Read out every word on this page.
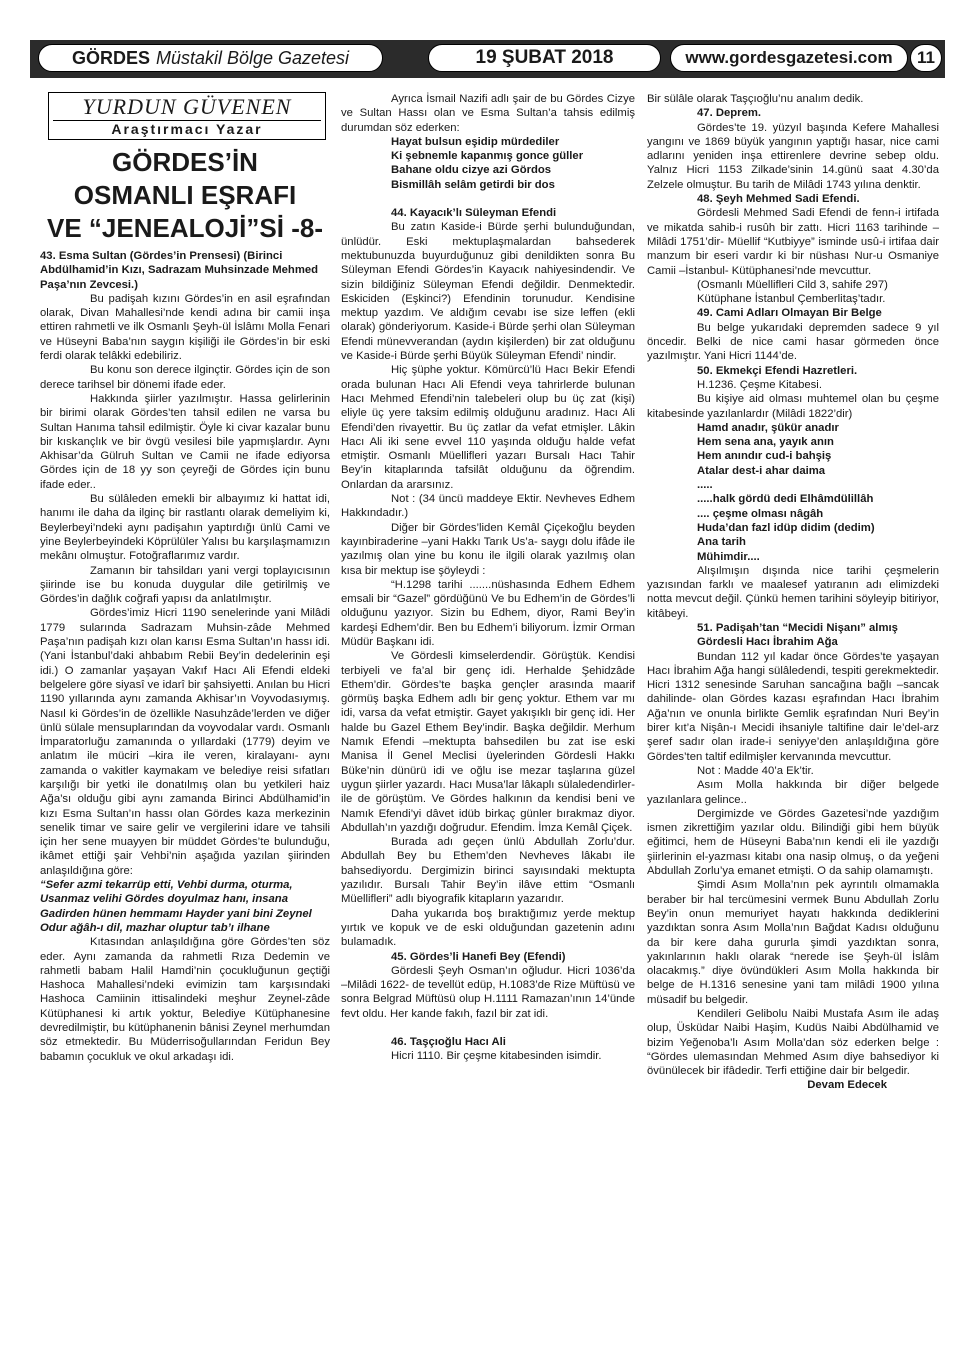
GÖRDES Müstakil Bölge Gazetesi	19 ŞUBAT 2018	www.gordesgazetesi.com	11
YURDUN GÜVENEN
Araştırmacı Yazar
GÖRDES’İN
OSMANLI EŞRAFI
VE “JENEALOJİ”Sİ -8-

43. Esma Sultan (Gördes’in Prensesi) (Birinci Abdülhamid’in Kızı, Sadrazam Muhsinzade Mehmed Paşa’nın Zevcesi.)

Bu padişah kızını Gördes’in en asil eşrafından olarak, Divan Mahallesi’nde kendi adına bir camii inşa ettiren rahmetli ve ilk Osmanlı Şeyh-ül İslâmı Molla Fenari ve Hüseyni Baba’nın saygın kişiliği ile Gördes’in bir eski ferdi olarak telâkki edebiliriz.

Bu konu son derece ilginçtir. Gördes için de son derece tarihsel bir dönemi ifade eder.

Hakkında şiirler yazılmıştır. Hassa gelirlerinin bir birimi olarak Gördes’ten tahsil edilen ne varsa bu Sultan Hanıma tahsil edilmiştir. Öyle ki civar kazalar bunu bir kıskançlık ve bir övgü vesilesi bile yapmışlardır. Aynı Akhisar’da Gülruh Sultan ve Camii ne ifade ediyorsa Gördes için de 18 yy son çeyreği de Gördes için bunu ifade eder..

Bu sülâleden emekli bir albayımız ki hattat idi, hanımı ile daha da ilginç bir rastlantı olarak demeliyim ki, Beylerbeyi’ndeki aynı padişahın yaptırdığı ünlü Cami ve yine Beylerbeyindeki Köprülüler Yalısı bu karşılaşmamızın mekânı olmuştur. Fotoğraflarımız vardır.

Zamanın bir tahsildarı yani vergi toplayıcısının şiirinde ise bu konuda duygular dile getirilmiş ve Gördes’in dağlık coğrafi yapısı da anlatılmıştır.

Gördes’imiz Hicri 1190 senelerinde yani Milâdi 1779 sularında Sadrazam Muhsin-zâde Mehmed Paşa’nın padişah kızı olan karısı Esma Sultan’ın hassı idi. (Yani İstanbul’daki ahbabım Rebii Bey’in dedelerinin eşi idi.) O zamanlar yaşayan Vakıf Hacı Ali Efendi eldeki belgelere göre siyasî ve idarî bir şahsiyetti. Anılan bu Hicri 1190 yıllarında aynı zamanda Akhisar’ın Voyvodasıymış. Nasıl ki Gördes’in de özellikle Nasuhzâde’lerden ve diğer ünlü sülale mensuplarından da voyvodalar vardı. Osmanlı İmparatorluğu zamanında o yıllardaki (1779) deyim ve anlatım ile müciri –kira ile veren, kiralayanı- aynı zamanda o vakitler kaymakam ve belediye reisi sıfatları karşılığı bir yetki ile donatılmış olan bu yetkileri haiz Ağa’sı olduğu gibi aynı zamanda Birinci Abdülhamid’in kızı Esma Sultan’ın hassı olan Gördes kaza merkezinin senelik timar ve saire gelir ve vergilerini idare ve tahsili için her sene muayyen bir müddet Gördes’te bulunduğu, ikâmet ettiği şair Vehbi’nin aşağıda yazılan şiirinden anlaşıldığına göre:

“Sefer azmi tekarrüp etti, Vehbi durma, oturma,

Usanmaz velihi Gördes doyulmaz hanı, insana Gadirden hünen hemmamı Hayder yani bini Zeynel

Odur ağâh-ı dil, mazhar oluptur tab’ı ilhane

Kıtasından anlaşıldığına göre Gördes’ten söz eder. Aynı zamanda da rahmetli Rıza Dedemin ve rahmetli babam Halil Hamdi’nin çocukluğunun geçtiği Hashoca Mahallesi’ndeki evimizin tam karşısındaki Hashoca Camiinin ittisalindeki meşhur Zeynel-zâde Kütüphanesi ki artık yoktur, Belediye Kütüphanesine devredilmiştir, bu kütüphanenin bânisi Zeynel merhumdan söz etmektedir. Bu Müderrisoğullarından Feridun Bey babamın çocukluk ve okul arkadaşı idi.

Ayrıca İsmail Nazifi adlı şair de bu Gördes Cizye ve Sultan Hassı olan ve Esma Sultan’a tahsis edilmiş durumdan söz ederken:

Hayat bulsun eşidip mürdediler

Ki şebnemle kapanmış gonce güller

Bahane oldu cizye azi Gördos

Bismillâh selâm getirdi bir dos

44. Kayacık’lı Süleyman Efendi

Bu zatın Kaside-i Bürde şerhi bulunduğundan, ünlüdür. Eski mektuplaşmalardan bahsederek mektubunuzda buyurduğunuz gibi denildikten sonra Bu Süleyman Efendi Gördes’in Kayacık nahiyesindendir. Ve sizin bildiğiniz Süleyman Efendi değildir. Denmektedir. Eskiciden (Eşkinci?) Efendinin torunudur. Kendisine mektup yazdım. Ve aldığım cevabı ise size leffen (ekli olarak) gönderiyorum. Kaside-i Bürde şerhi olan Süleyman Efendi münevverandan (aydın kişilerden) bir zat olduğunu ve Kaside-i Bürde şerhi Büyük Süleyman Efendi’ nindir.

Hiç şüphe yoktur. Kömürcü’lü Hacı Bekir Efendi orada bulunan Hacı Ali Efendi veya tahrirlerde bulunan Hacı Mehmed Efendi’nin talebeleri olup bu üç zat (kişi) eliyle üç yere taksim edilmiş olduğunu aradınız. Hacı Ali Efendi’den rivayettir. Bu üç zatlar da vefat etmişler. Lâkin Hacı Ali iki sene evvel 110 yaşında olduğu halde vefat etmiştir. Osmanlı Müellifleri yazarı Bursalı Hacı Tahir Bey’in kitaplarında tafsilât olduğunu da öğrendim. Onlardan da ararsınız.

Not : (34 üncü maddeye Ektir. Nevheves Edhem Hakkındadır.)

Diğer bir Gördes’liden Kemâl Çiçekoğlu beyden kayınbiraderine –yani Hakkı Tarık Us’a- saygı dolu ifâde ile yazılmış olan yine bu konu ile ilgili olarak yazılmış olan kısa bir mektup ise şöyleydi :

“H.1298 tarihi .......nüshasında Edhem Edhem emsali bir “Gazel” gördüğünü Ve bu Edhem’in de Gördes’li olduğunu yazıyor. Sizin bu Edhem, diyor, Rami Bey’in kardeşi Edhem’dir. Ben bu Edhem’i biliyorum. İzmir Orman Müdür Başkanı idi.

Ve Gördesli kimselerdendir. Görüştük. Kendisi terbiyeli ve fa’al bir genç idi. Herhalde Şehidzâde Ethem’dir. Gördes’te başka gençler arasında maarif görmüş başka Edhem adlı bir genç yoktur. Ethem var mı idi, varsa da vefat etmiştir. Gayet yakışıklı bir genç idi. Her halde bu Gazel Ethem Bey’indir. Başka değildir. Merhum Namık Efendi –mektupta bahsedilen bu zat ise eski Manisa İl Genel Meclisi üyelerinden Gördesli Hakkı Büke’nin dünürü idi ve oğlu ise mezar taşlarına güzel uygun şiirler yazardı. Hacı Musa’lar lâkaplı sülaledendirler- ile de görüştüm. Ve Gördes halkının da kendisi beni ve Namık Efendi’yi dâvet idüb birkaç günler bırakmaz diyor. Abdullah’ın yazdığı doğrudur. Efendim. İmza Kemâl Çiçek.

Burada adı geçen ünlü Abdullah Zorlu’dur. Abdullah Bey bu Ethem’den Nevheves lâkabı ile bahsediyordu. Dergimizin birinci sayısındaki mektupta yazılıdır. Bursalı Tahir Bey’in ilâve ettim “Osmanlı Müellifleri” adlı biyografik kitapların yazarıdır.

Daha yukarıda boş bıraktığımız yerde mektup yırtık ve kopuk ve de eski olduğundan gazetenin adını bulamadık.

45. Gördes’li Hanefi Bey (Efendi)

Gördesli Şeyh Osman’ın oğludur. Hicri 1036’da –Milâdi 1622- de tevellüt edüp, H.1083’de Rize Müftüsü ve sonra Belgrad Müftüsü olup H.1111 Ramazan’ının 14’ünde fevt oldu. Her kande fakıh, fazıl bir zat idi.

46. Taşçıoğlu Hacı Ali

Hicri 1110. Bir çeşme kitabesinden isimdir.

Bir sülâle olarak Taşçıoğlu’nu analım dedik.

47. Deprem.

Gördes’te 19. yüzyıl başında Kefere Mahallesi yangını ve 1869 büyük yangının yaptığı hasar, nice cami adlarını yeniden inşa ettirenlere devrine sebep oldu. Yalnız Hicri 1153 Zilkade’sinin 14.günü saat 4.30’da Zelzele olmuştur. Bu tarih de Milâdi 1743 yılına denktir.

48. Şeyh Mehmed Sadi Efendi.

Gördesli Mehmed Sadi Efendi de fenn-i irtifada ve mikatda sahib-i rusûh bir zattı. Hicri 1163 tarihinde –Milâdi 1751’dir- Müellif “Kutbiyye” isminde usû-i irtifaa dair manzum bir eseri vardır ki bir nüshası Nur-u Osmaniye Camii –İstanbul- Kütüphanesi’nde mevcuttur.

(Osmanlı Müellifleri Cild 3, sahife 297)

Kütüphane İstanbul Çemberlitaş’tadır.

49. Cami Adları Olmayan Bir Belge

Bu belge yukarıdaki depremden sadece 9 yıl öncedir. Belki de nice cami hasar görmeden önce yazılmıştır. Yani Hicri 1144’de.

50. Ekmekçi Efendi Hazretleri.

H.1236. Çeşme Kitabesi.

Bu kişiye aid olması muhtemel olan bu çeşme kitabesinde yazılanlardır (Milâdi 1822’dir)

Hamd anadır, şükür anadır

Hem sena ana, yayık anın

Hem anındır cud-i bahşiş

Atalar dest-i ahar daima

.....

.....halk gördü dedi Elhâmdülillâh

.... çeşme olması nâgâh

Huda’dan fazl idüp didim (dedim)

Ana tarih

Mühimdir....

Alışılmışın dışında nice tarihi çeşmelerin yazısından farklı ve maalesef yatıranın adı elimizdeki notta mevcut değil. Çünkü hemen tarihini söyleyip bitiriyor, kitâbeyi.

51. Padişah’tan “Mecidi Nişanı” almış Gördesli Hacı İbrahim Ağa

Bundan 112 yıl kadar önce Gördes’te yaşayan Hacı İbrahim Ağa hangi sülâledendi, tespiti gerekmektedir. Hicri 1312 senesinde Saruhan sancağına bağlı –sancak dahilinde- olan Gördes kazası eşrafından Hacı İbrahim Ağa’nın ve onunla birlikte Gemlik eşrafından Nuri Bey’in birer kıt’a Nişân-ı Mecidi ihsaniyle taltifine dair le’del-arz şeref sadır olan irade-i seniyye’den anlaşıldığına göre Gördes’ten taltif edilmişler kervanında mevcuttur.

Not : Madde 40’a Ek’tir.

Asım Molla hakkında bir diğer belgede yazılanlara gelince..

Dergimizde ve Gördes Gazetesi’nde yazdığım ismen zikrettiğim yazılar oldu. Bilindiği gibi hem büyük eğitimci, hem de Hüseyni Baba’nın kendi eli ile yazdığı şiirlerinin el-yazması kitabı ona nasip olmuş, o da yeğeni Abdullah Zorlu’ya emanet etmişti. O da sahip olamamıştı.

Şimdi Asım Molla’nın pek ayrıntılı olmamakla beraber bir hal tercümesini vermek Bunu Abdullah Zorlu Bey’in onun memuriyet hayatı hakkında dediklerini yazdıktan sonra Asım Molla’nın Bağdat Kadısı olduğunu da bir kere daha gururla şimdi yazdıktan sonra, yakınlarının haklı olarak “nerede ise Şeyh-ül İslâm olacakmış.” diye övündükleri Asım Molla hakkında bir belge de H.1316 senesine yani tam milâdi 1900 yılına müsadif bu belgedir.

Kendileri Gelibolu Naibi Mustafa Asım ile adaş olup, Üsküdar Naibi Haşim, Kudüs Naibi Abdülhamid ve bizim Yeğenoba’lı Asım Molla’dan söz ederken belge : “Gördes ulemasından Mehmed Asım diye bahsediyor ki övünülecek bir ifâdedir. Terfi ettiğine dair bir belgedir.

Devam Edecek
